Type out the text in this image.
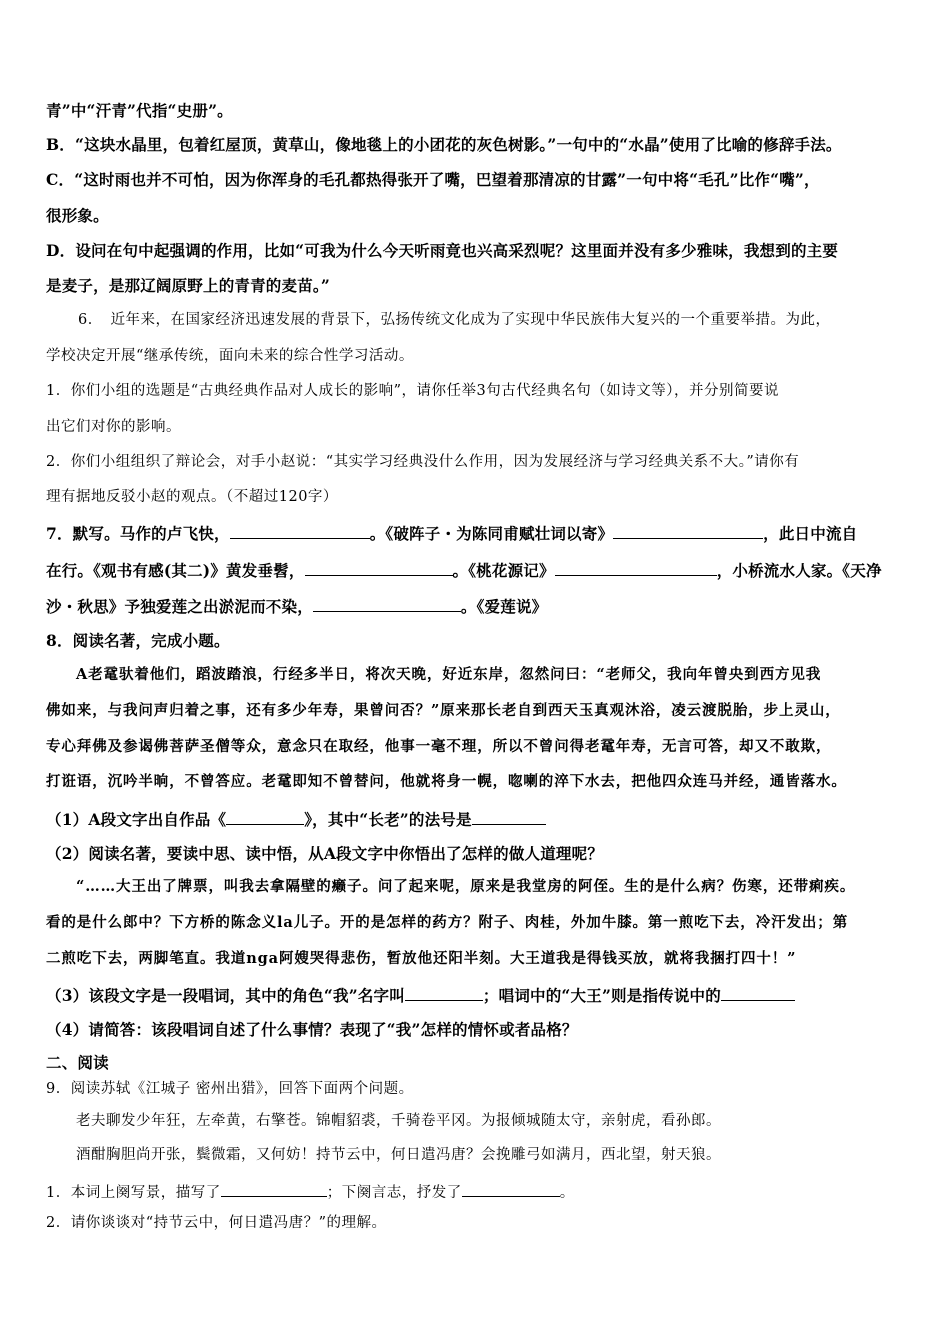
青”中“汗青”代指“史册”。
B．“这块水晶里，包着红屋顶，黄草山，像地毯上的小团花的灰色树影。”一句中的“水晶”使用了比喻的修辞手法。
C．“这时雨也并不可怕，因为你浑身的毛孔都热得张开了嘴，巴望着那清凉的甘露”一句中将“毛孔”比作“嘴”，
很形象。
D．设问在句中起强调的作用，比如“可我为什么今天听雨竟也兴高采烈呢？这里面并没有多少雅味，我想到的主要
是麦子，是那辽阔原野上的青青的麦苗。”
6．　近年来，在国家经济迅速发展的背景下，弘扬传统文化成为了实现中华民族伟大复兴的一个重要举措。为此，
学校决定开展“继承传统，面向未来的综合性学习活动。
1．你们小组的选题是“古典经典作品对人成长的影响”，请你任举3句古代经典名句（如诗文等），并分别简要说
出它们对你的影响。
2．你们小组组织了辩论会，对手小赵说：“其实学习经典没什么作用，因为发展经济与学习经典关系不大。”请你有
理有据地反驳小赵的观点。（不超过120字）
7．默写。马作的卢飞快，	。《破阵子・为陈同甫赋壮词以寄》	，此日中流自
在行。《观书有感(其二)》黄发垂髫，	。《桃花源记》	，小桥流水人家。《天净
沙・秋思》予独爱莲之出淤泥而不染，	。《爱莲说》
8．阅读名著，完成小题。
A老鼋驮着他们，蹈波踏浪，行经多半日，将次天晚，好近东岸，忽然问曰：“老师父，我向年曾央到西方见我
佛如来，与我问声归着之事，还有多少年寿，果曾问否？”原来那长老自到西天玉真观沐浴，凌云渡脱胎，步上灵山，
专心拜佛及参谒佛菩萨圣僧等众，意念只在取经，他事一毫不理，所以不曾问得老鼋年寿，无言可答，却又不敢欺，
打诳语，沉吟半晌，不曾答应。老鼋即知不曾替问，他就将身一幌，唿喇的淬下水去，把他四众连马并经，通皆落水。
（1）A段文字出自作品《	》，其中“长老”的法号是
（2）阅读名著，要读中思、读中悟，从A段文字中你悟出了怎样的做人道理呢？
“……大王出了牌票，叫我去拿隔壁的癞子。问了起来呢，原来是我堂房的阿侄。生的是什么病？伤寒，还带痢疾。
看的是什么郎中？下方桥的陈念义la儿子。开的是怎样的药方？附子、肉桂，外加牛膝。第一煎吃下去，冷汗发出；第
二煎吃下去，两脚笔直。我道nga阿嫂哭得悲伤，暂放他还阳半刻。大王道我是得钱买放，就将我捆打四十！”
（3）该段文字是一段唱词，其中的角色“我”名字叫	；唱词中的“大王”则是指传说中的
（4）请简答：该段唱词自述了什么事情？表现了“我”怎样的情怀或者品格？
二、阅读
9．阅读苏轼《江城子 密州出猎》，回答下面两个问题。
老夫聊发少年狂，左牵黄，右擎苍。锦帽貂裘，千骑卷平冈。为报倾城随太守，亲射虎，看孙郎。
酒酣胸胆尚开张，鬓微霜，又何妨！持节云中，何日遣冯唐？会挽雕弓如满月，西北望，射天狼。
1．本词上阕写景，描写了	；下阕言志，抒发了	。
2．请你谈谈对“持节云中，何日遣冯唐？”的理解。
